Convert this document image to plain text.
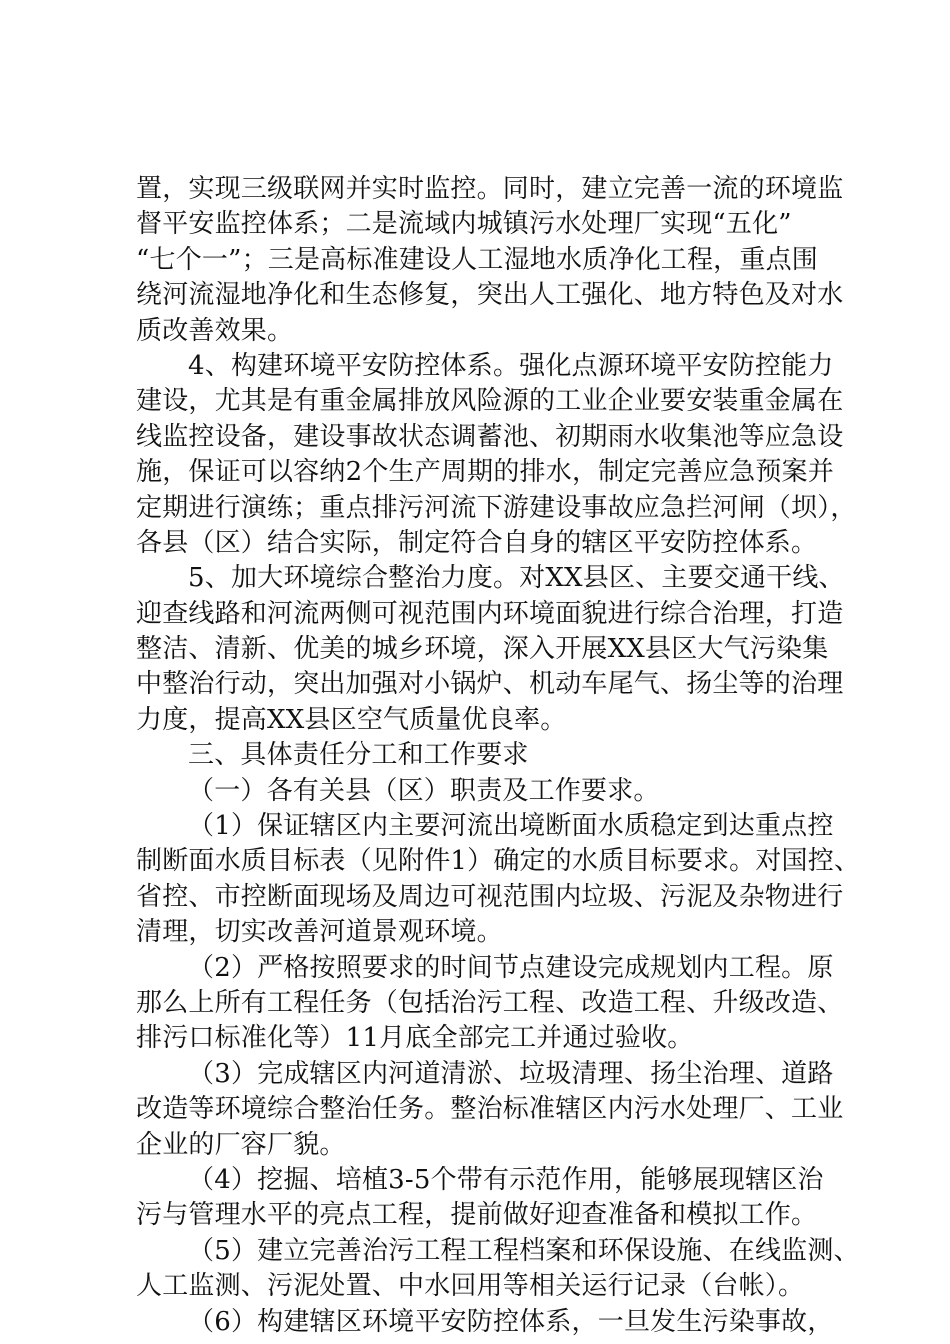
置，实现三级联网并实时监控。同时，建立完善一流的环境监
督平安监控体系；二是流域内城镇污水处理厂实现“五化”
“七个一”；三是高标准建设人工湿地水质净化工程，重点围
绕河流湿地净化和生态修复，突出人工强化、地方特色及对水
质改善效果。
4、构建环境平安防控体系。强化点源环境平安防控能力
建设，尤其是有重金属排放风险源的工业企业要安装重金属在
线监控设备，建设事故状态调蓄池、初期雨水收集池等应急设
施，保证可以容纳2个生产周期的排水，制定完善应急预案并
定期进行演练；重点排污河流下游建设事故应急拦河闸（坝），
各县（区）结合实际，制定符合自身的辖区平安防控体系。
5、加大环境综合整治力度。对XX县区、主要交通干线、
迎查线路和河流两侧可视范围内环境面貌进行综合治理，打造
整洁、清新、优美的城乡环境，深入开展XX县区大气污染集
中整治行动，突出加强对小锅炉、机动车尾气、扬尘等的治理
力度，提高XX县区空气质量优良率。
三、具体责任分工和工作要求
（一）各有关县（区）职责及工作要求。
（1）保证辖区内主要河流出境断面水质稳定到达重点控
制断面水质目标表（见附件1）确定的水质目标要求。对国控、
省控、市控断面现场及周边可视范围内垃圾、污泥及杂物进行
清理，切实改善河道景观环境。
（2）严格按照要求的时间节点建设完成规划内工程。原
那么上所有工程任务（包括治污工程、改造工程、升级改造、
排污口标准化等）11月底全部完工并通过验收。
（3）完成辖区内河道清淤、垃圾清理、扬尘治理、道路
改造等环境综合整治任务。整治标准辖区内污水处理厂、工业
企业的厂容厂貌。
（4）挖掘、培植3-5个带有示范作用，能够展现辖区治
污与管理水平的亮点工程，提前做好迎查准备和模拟工作。
（5）建立完善治污工程工程档案和环保设施、在线监测、
人工监测、污泥处置、中水回用等相关运行记录（台帐）。
（6）构建辖区环境平安防控体系，一旦发生污染事故，
